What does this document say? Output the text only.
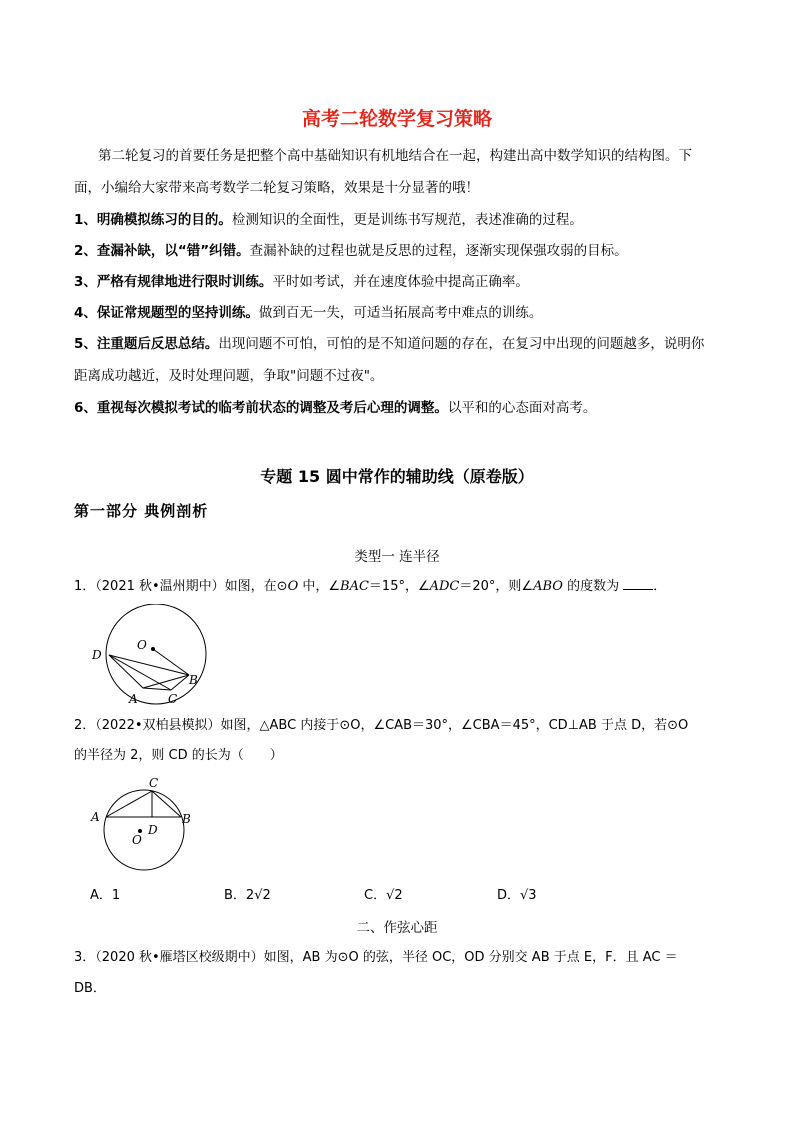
高考二轮数学复习策略
第二轮复习的首要任务是把整个高中基础知识有机地结合在一起，构建出高中数学知识的结构图。下
面，小编给大家带来高考数学二轮复习策略，效果是十分显著的哦！
1、明确模拟练习的目的。检测知识的全面性，更是训练书写规范，表述准确的过程。
2、查漏补缺，以“错”纠错。查漏补缺的过程也就是反思的过程，逐渐实现保强攻弱的目标。
3、严格有规律地进行限时训练。平时如考试，并在速度体验中提高正确率。
4、保证常规题型的坚持训练。做到百无一失，可适当拓展高考中难点的训练。
5、注重题后反思总结。出现问题不可怕，可怕的是不知道问题的存在，在复习中出现的问题越多，说明你
距离成功越近，及时处理问题，争取"问题不过夜"。
6、重视每次模拟考试的临考前状态的调整及考后心理的调整。以平和的心态面对高考。
专题 15 圆中常作的辅助线（原卷版）
第一部分 典例剖析
类型一 连半径
1．（2021 秋•温州期中）如图，在⊙O 中，∠BAC＝15°，∠ADC＝20°，则∠ABO 的度数为 ．
O
D
B
A	C
2．（2022•双柏县模拟）如图，△ABC 内接于⊙O，∠CAB＝30°，∠CBA＝45°，CD⊥AB 于点 D，若⊙O
的半径为 2，则 CD 的长为（　　）
C
A	B
D
O
A．1	B．2√2	C．√2	D．√3
二、作弦心距
3．（2020 秋•雁塔区校级期中）如图，AB 为⊙O 的弦，半径 OC，OD 分别交 AB 于点 E，F．且 AC ＝
DB．
